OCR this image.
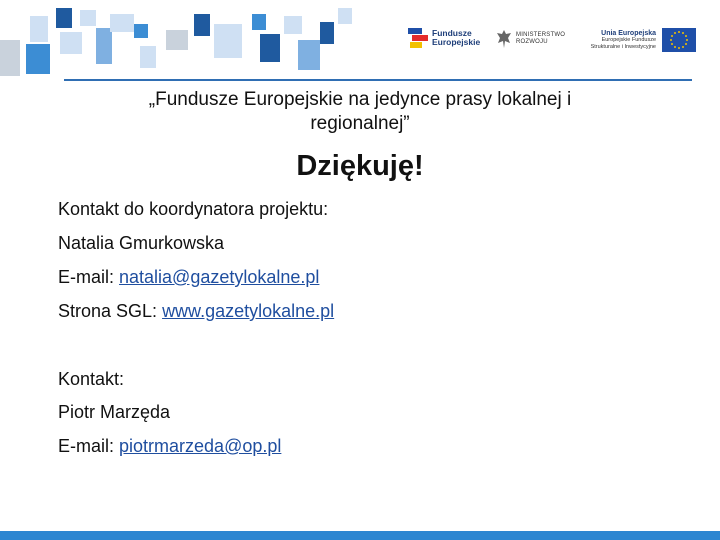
Fundusze
Europejskie
MINISTERSTWO
ROZWOJU
Unia Europejska
Europejskie Fundusze
Strukturalne i Inwestycyjne
„Fundusze Europejskie na jedynce prasy lokalnej i
regionalnej”
Dziękuję!
Kontakt do koordynatora projektu:
Natalia Gmurkowska
E-mail: natalia@gazetylokalne.pl
Strona SGL: www.gazetylokalne.pl
Kontakt:
Piotr Marzęda
E-mail: piotrmarzeda@op.pl
